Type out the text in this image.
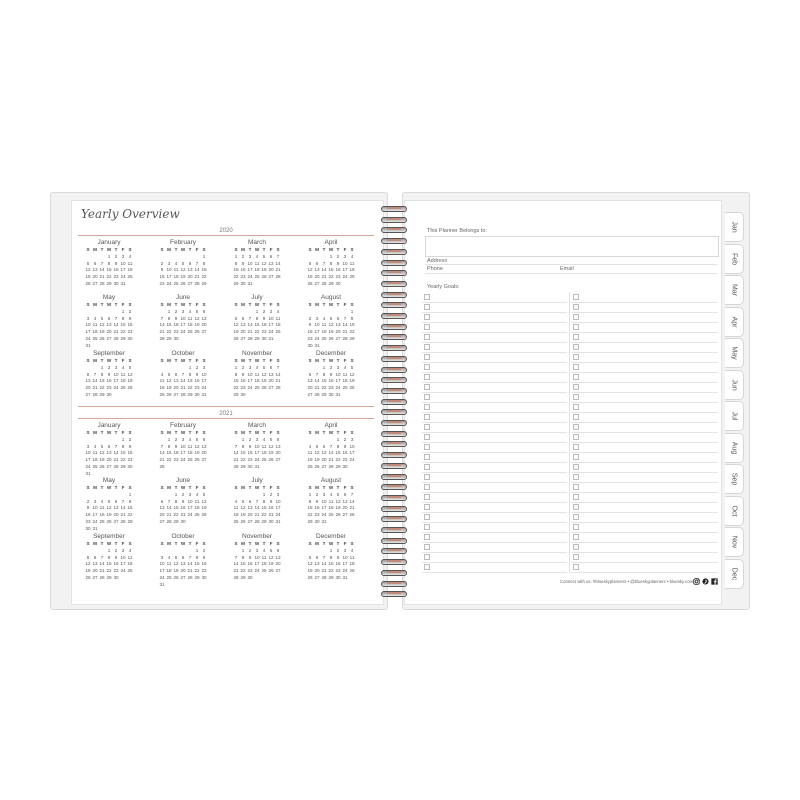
Yearly Overview
2020
2021
January
S M T W T F S
1 2 3 4
5 6 7 8 9 10 11
12 13 14 15 16 17 18
19 20 21 22 23 24 25
26 27 28 29 30 31
February
S M T W T F S
1
2 3 4 5 6 7 8
9 10 11 12 13 14 15
16 17 18 19 20 21 22
23 24 25 26 27 28 29
March
S M T W T F S
1 2 3 4 5 6 7
8 9 10 11 12 13 14
15 16 17 18 19 20 21
22 23 24 25 26 27 28
29 30 31
April
S M T W T F S
1 2 3 4
5 6 7 8 9 10 11
12 13 14 15 16 17 18
19 20 21 22 23 24 25
26 27 28 29 30
May
S M T W T F S
1 2
3 4 5 6 7 8 9
10 11 12 13 14 15 16
17 18 19 20 21 22 23
24 25 26 27 28 29 30
31
June
S M T W T F S
1 2 3 4 5 6
7 8 9 10 11 12 13
14 15 16 17 18 19 20
21 22 23 24 25 26 27
28 29 30
July
S M T W T F S
1 2 3 4
5 6 7 8 9 10 11
12 13 14 15 16 17 18
19 20 21 22 23 24 25
26 27 28 29 30 31
August
S M T W T F S
1
2 3 4 5 6 7 8
9 10 11 12 13 14 15
16 17 18 19 20 21 22
23 24 25 26 27 28 29
30 31
September
S M T W T F S
1 2 3 4 5
6 7 8 9 10 11 12
13 14 15 16 17 18 19
20 21 22 23 24 25 26
27 28 29 30
October
S M T W T F S
1 2 3
4 5 6 7 8 9 10
11 12 13 14 15 16 17
18 19 20 21 22 23 24
25 26 27 28 29 30 31
November
S M T W T F S
1 2 3 4 5 6 7
8 9 10 11 12 13 14
15 16 17 18 19 20 21
22 23 24 25 26 27 28
29 30
December
S M T W T F S
1 2 3 4 5
6 7 8 9 10 11 12
13 14 15 16 17 18 19
20 21 22 23 24 25 26
27 28 29 30 31
January
S M T W T F S
1 2
3 4 5 6 7 8 9
10 11 12 13 14 15 16
17 18 19 20 21 22 23
24 25 26 27 28 29 30
31
February
S M T W T F S
1 2 3 4 5 6
7 8 9 10 11 12 13
14 15 16 17 18 19 20
21 22 23 24 25 26 27
28
March
S M T W T F S
1 2 3 4 5 6
7 8 9 10 11 12 13
14 15 16 17 18 19 20
21 22 23 24 25 26 27
28 29 30 31
April
S M T W T F S
1 2 3
4 5 6 7 8 9 10
11 12 13 14 15 16 17
18 19 20 21 22 23 24
25 26 27 28 29 30
May
S M T W T F S
1
2 3 4 5 6 7 8
9 10 11 12 13 14 15
16 17 18 19 20 21 22
23 24 25 26 27 28 29
30 31
June
S M T W T F S
1 2 3 4 5
6 7 8 9 10 11 12
13 14 15 16 17 18 19
20 21 22 23 24 25 26
27 28 29 30
July
S M T W T F S
1 2 3
4 5 6 7 8 9 10
11 12 13 14 15 16 17
18 19 20 21 22 23 24
25 26 27 28 29 30 31
August
S M T W T F S
1 2 3 4 5 6 7
8 9 10 11 12 13 14
15 16 17 18 19 20 21
22 23 24 25 26 27 28
29 30 31
September
S M T W T F S
1 2 3 4
5 6 7 8 9 10 11
12 13 14 15 16 17 18
19 20 21 22 23 24 25
26 27 28 29 30
October
S M T W T F S
1 2
3 4 5 6 7 8 9
10 11 12 13 14 15 16
17 18 19 20 21 22 23
24 25 26 27 28 29 30
31
November
S M T W T F S
1 2 3 4 5 6
7 8 9 10 11 12 13
14 15 16 17 18 19 20
21 22 23 24 25 26 27
28 29 30
December
S M T W T F S
1 2 3 4
5 6 7 8 9 10 11
12 13 14 15 16 17 18
19 20 21 22 23 24 25
26 27 28 29 30 31
This Planner Belongs to:
Address
Phone	Email
Yearly Goals:
Connect with us: #blueskyplanners • @blueskyplanners • bluesky.com
Jan
Feb
Mar
Apr
May
Jun
Jul
Aug
Sep
Oct
Nov
Dec
